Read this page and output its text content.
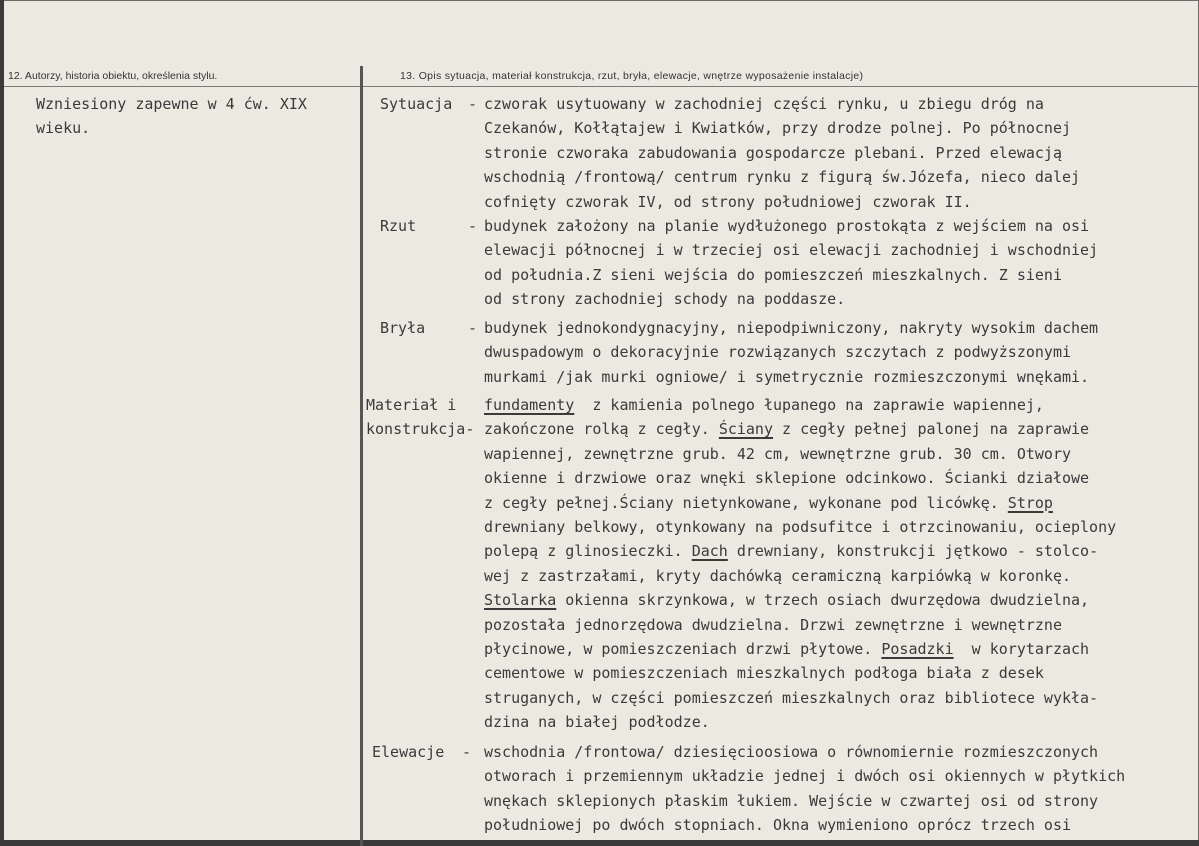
12. Autorzy, historia obiektu, określenia stylu.	13. Opis sytuacja, materiał konstrukcja, rzut, bryła, elewacje, wnętrze wyposażenie instalacje)
Wzniesiony zapewne w 4 ćw. XIX
wieku.
Sytuacja - czworak usytuowany w zachodniej części rynku, u zbiegu dróg na
Czekanów, Kołłątajew i Kwiatków, przy drodze polnej. Po północnej
stronie czworaka zabudowania gospodarcze plebani. Przed elewacją
wschodnią /frontową/ centrum rynku z figurą św.Józefa, nieco dalej
cofnięty czworak IV, od strony południowej czworak II.
Rzut	- budynek założony na planie wydłużonego prostokąta z wejściem na osi
elewacji północnej i w trzeciej osi elewacji zachodniej i wschodniej
od południa.Z sieni wejścia do pomieszczeń mieszkalnych. Z sieni
od strony zachodniej schody na poddasze.
Bryła	- budynek jednokondygnacyjny, niepodpiwniczony, nakryty wysokim dachem
dwuspadowym o dekoracyjnie rozwiązanych szczytach z podwyższonymi
murkami /jak murki ogniowe/ i symetrycznie rozmieszczonymi wnękami.
Materiał i fundamenty  z kamienia polnego łupanego na zaprawie wapiennej,
konstrukcja- zakończone rolką z cegły. Ściany z cegły pełnej palonej na zaprawie
wapiennej, zewnętrzne grub. 42 cm, wewnętrzne grub. 30 cm. Otwory
okienne i drzwiowe oraz wnęki sklepione odcinkowo. Ścianki działowe
z cegły pełnej.Ściany nietynkowane, wykonane pod licówkę. Strop
drewniany belkowy, otynkowany na podsufitce i otrzcinowaniu, ocieplony
polepą z glinosieczki. Dach drewniany, konstrukcji jętkowo - stolco-
wej z zastrzałami, kryty dachówką ceramiczną karpiówką w koronkę.
Stolarka okienna skrzynkowa, w trzech osiach dwurzędowa dwudzielna,
pozostała jednorzędowa dwudzielna. Drzwi zewnętrzne i wewnętrzne
płycinowe, w pomieszczeniach drzwi płytowe. Posadzki  w korytarzach
cementowe w pomieszczeniach mieszkalnych podłoga biała z desek
struganych, w części pomieszczeń mieszkalnych oraz bibliotece wykła-
dzina na białej podłodze.
Elewacje - wschodnia /frontowa/ dziesięcioosiowa o równomiernie rozmieszczonych
otworach i przemiennym układzie jednej i dwóch osi okiennych w płytkich
wnękach sklepionych płaskim łukiem. Wejście w czwartej osi od strony
południowej po dwóch stopniach. Okna wymieniono oprócz trzech osi
